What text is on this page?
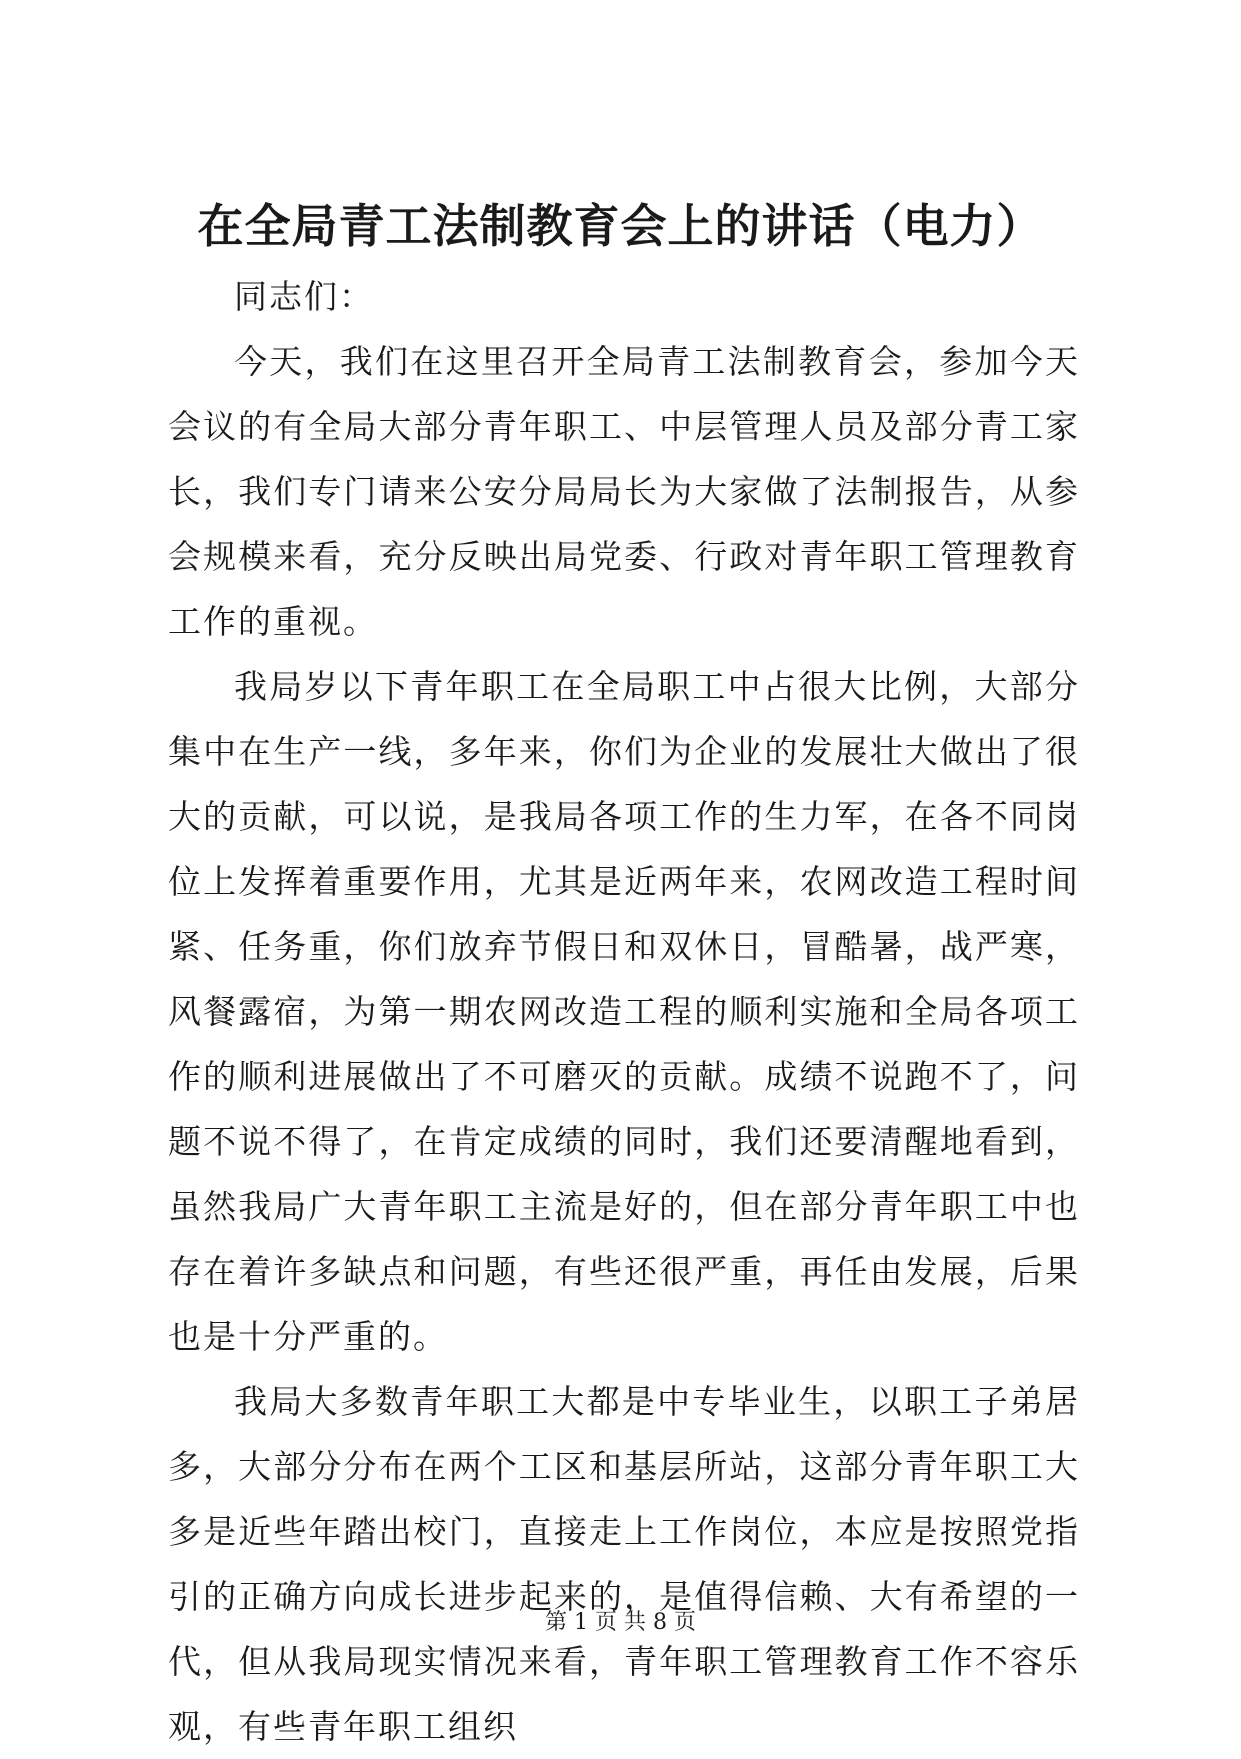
在全局青工法制教育会上的讲话（电力）

同志们：

今天，我们在这里召开全局青工法制教育会，参加今天会议的有全局大部分青年职工、中层管理人员及部分青工家长，我们专门请来公安分局局长为大家做了法制报告，从参会规模来看，充分反映出局党委、行政对青年职工管理教育工作的重视。

我局岁以下青年职工在全局职工中占很大比例，大部分集中在生产一线，多年来，你们为企业的发展壮大做出了很大的贡献，可以说，是我局各项工作的生力军，在各不同岗位上发挥着重要作用，尤其是近两年来，农网改造工程时间紧、任务重，你们放弃节假日和双休日，冒酷暑，战严寒，风餐露宿，为第一期农网改造工程的顺利实施和全局各项工作的顺利进展做出了不可磨灭的贡献。成绩不说跑不了，问题不说不得了，在肯定成绩的同时，我们还要清醒地看到，虽然我局广大青年职工主流是好的，但在部分青年职工中也存在着许多缺点和问题，有些还很严重，再任由发展，后果也是十分严重的。

我局大多数青年职工大都是中专毕业生，以职工子弟居多，大部分分布在两个工区和基层所站，这部分青年职工大多是近些年踏出校门，直接走上工作岗位，本应是按照党指引的正确方向成长进步起来的，是值得信赖、大有希望的一代，但从我局现实情况来看，青年职工管理教育工作不容乐观，有些青年职工组织

第 1 页 共 8 页
